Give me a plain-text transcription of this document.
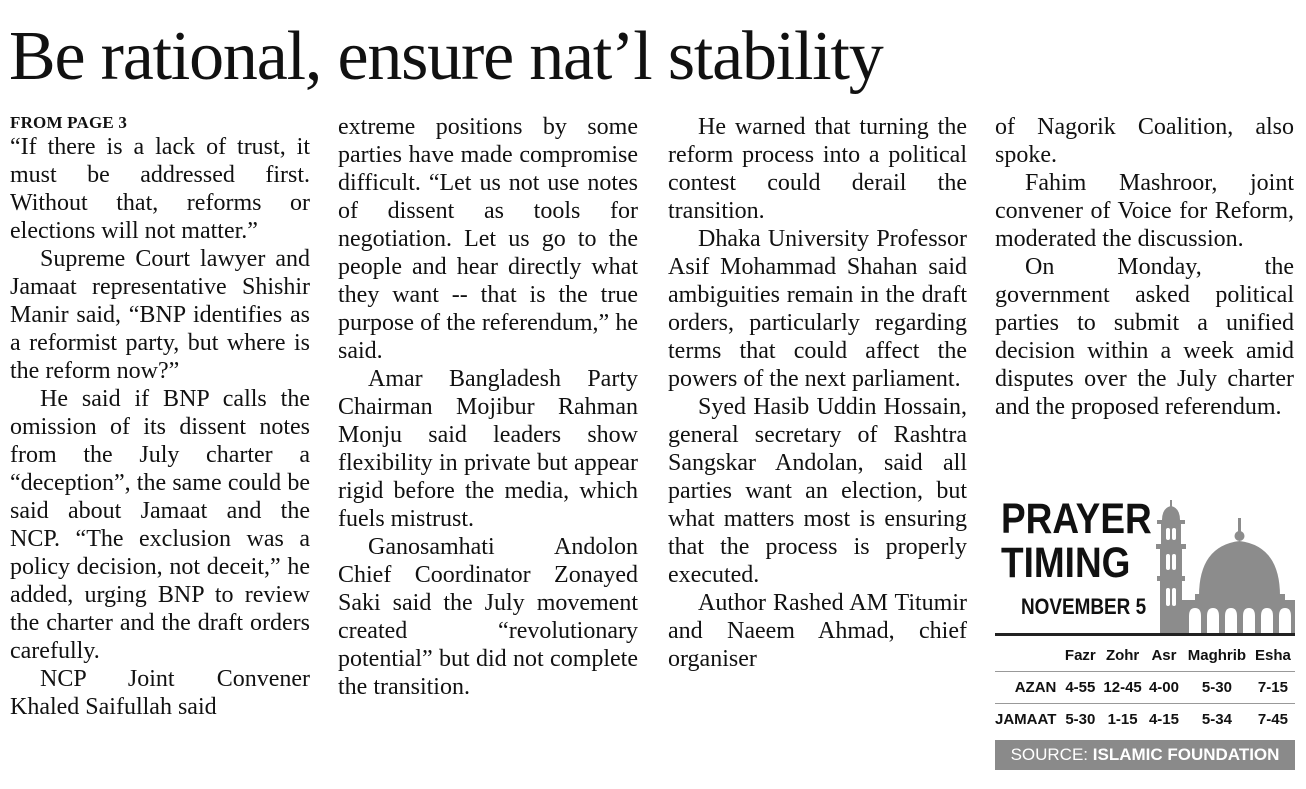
Be rational, ensure nat’l stability
FROM PAGE 3

“If there is a lack of trust, it must be addressed first. Without that, reforms or elections will not matter.”

Supreme Court lawyer and Jamaat representative Shishir Manir said, “BNP identifies as a reformist party, but where is the reform now?”

He said if BNP calls the omission of its dissent notes from the July charter a “deception”, the same could be said about Jamaat and the NCP. “The exclusion was a policy decision, not deceit,” he added, urging BNP to review the charter and the draft orders carefully.

NCP Joint Convener Khaled Saifullah said

extreme positions by some parties have made compromise difficult. “Let us not use notes of dissent as tools for negotiation. Let us go to the people and hear directly what they want -- that is the true purpose of the referendum,” he said.

Amar Bangladesh Party Chairman Mojibur Rahman Monju said leaders show flexibility in private but appear rigid before the media, which fuels mistrust.

Ganosamhati Andolon Chief Coordinator Zonayed Saki said the July movement created “revolutionary potential” but did not complete the transition.

He warned that turning the reform process into a political contest could derail the transition.

Dhaka University Professor Asif Mohammad Shahan said ambiguities remain in the draft orders, particularly regarding terms that could affect the powers of the next parliament.

Syed Hasib Uddin Hossain, general secretary of Rashtra Sangskar Andolan, said all parties want an election, but what matters most is ensuring that the process is properly executed.

Author Rashed AM Titumir and Naeem Ahmad, chief organiser

of Nagorik Coalition, also spoke.

Fahim Mashroor, joint convener of Voice for Reform, moderated the discussion.

On Monday, the government asked political parties to submit a unified decision within a week amid disputes over the July charter and the proposed referendum.

PRAYER
TIMING
NOVEMBER 5
	Fazr	Zohr	Asr	Maghrib	Esha
AZAN	4-55	12-45	4-00	5-30	7-15
JAMAAT	5-30	1-15	4-15	5-34	7-45
SOURCE: ISLAMIC FOUNDATION
